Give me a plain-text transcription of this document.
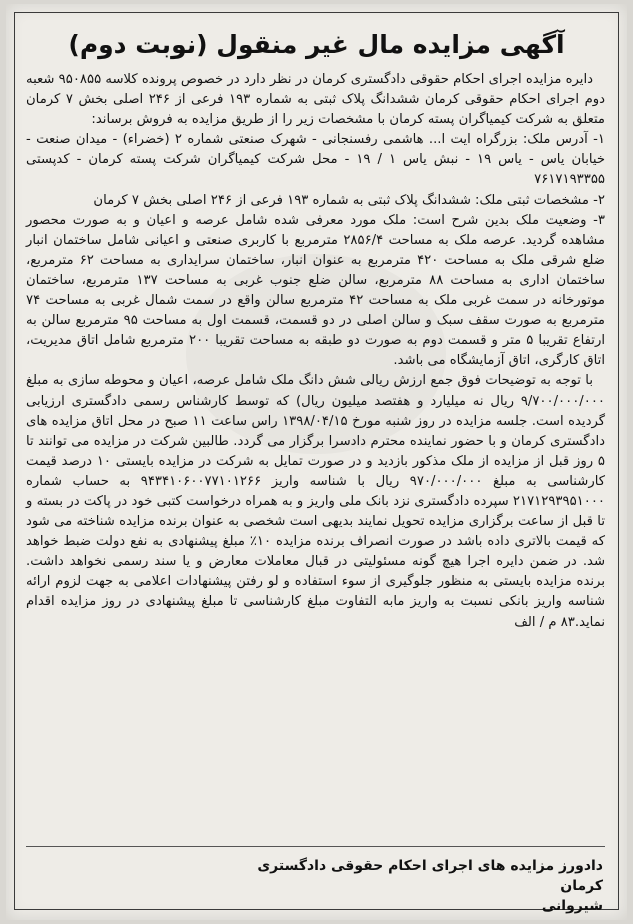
آگهی مزایده مال غیر منقول (نوبت دوم)

دایره مزایده اجرای احکام حقوقی دادگستری کرمان در نظر دارد در خصوص پرونده کلاسه ۹۵۰۸۵۵ شعبه دوم اجرای احکام حقوقی کرمان ششدانگ پلاک ثبتی به شماره ۱۹۳ فرعی از ۲۴۶ اصلی بخش ۷ کرمان متعلق به شرکت کیمیاگران پسته کرمان با مشخصات زیر را از طریق مزایده به فروش برساند:

۱- آدرس ملک: بزرگراه ایت ا... هاشمی رفسنجانی - شهرک صنعتی شماره ۲ (خضراء) - میدان صنعت - خیابان یاس - یاس ۱۹ - نبش یاس ۱ / ۱۹ - محل شرکت کیمیاگران شرکت پسته کرمان - کدپستی ۷۶۱۷۱۹۳۳۵۵

۲- مشخصات ثبتی ملک: ششدانگ پلاک ثبتی به شماره ۱۹۳ فرعی از ۲۴۶ اصلی بخش ۷ کرمان

۳- وضعیت ملک بدین شرح است: ملک مورد معرفی شده شامل عرصه و اعیان و به صورت محصور مشاهده گردید. عرصه ملک به مساحت ۲۸۵۶/۴ مترمربع با کاربری صنعتی و اعیانی شامل ساختمان انبار ضلع شرقی ملک به مساحت ۴۲۰ مترمربع به عنوان انبار، ساختمان سرایداری به مساحت ۶۲ مترمربع، ساختمان اداری به مساحت ۸۸ مترمربع، سالن ضلع جنوب غربی به مساحت ۱۳۷ مترمربع، ساختمان موتورخانه در سمت غربی ملک به مساحت ۴۲ مترمربع سالن واقع در سمت شمال غربی به مساحت ۷۴ مترمربع به صورت سقف سبک و سالن اصلی در دو قسمت، قسمت اول به مساحت ۹۵ مترمربع سالن به ارتفاع تقریبا ۵ متر و قسمت دوم به صورت دو طبقه به مساحت تقریبا ۲۰۰ مترمربع شامل اتاق مدیریت، اتاق کارگری، اتاق آزمایشگاه می باشد.

با توجه به توضیحات فوق جمع ارزش ریالی شش دانگ ملک شامل عرصه، اعیان و محوطه سازی به مبلغ ۹/۷۰۰/۰۰۰/۰۰۰ ریال نه میلیارد و هفتصد میلیون ریال) که توسط کارشناس رسمی دادگستری ارزیابی گردیده است. جلسه مزایده در روز شنبه مورخ ۱۳۹۸/۰۴/۱۵ راس ساعت ۱۱ صبح در محل اتاق مزایده های دادگستری کرمان و با حضور نماینده محترم دادسرا برگزار می گردد. طالبین شرکت در مزایده می توانند تا ۵ روز قبل از مزایده از ملک مذکور بازدید و در صورت تمایل به شرکت در مزایده بایستی ۱۰ درصد قیمت کارشناسی به مبلغ ۹۷۰/۰۰۰/۰۰۰ ریال با شناسه واریز ۹۴۳۴۱۰۶۰۰۷۷۱۰۱۲۶۶ به حساب شماره ۲۱۷۱۲۹۳۹۵۱۰۰۰ سپرده دادگستری نزد بانک ملی واریز و به همراه درخواست کتبی خود در پاکت در بسته و تا قبل از ساعت برگزاری مزایده تحویل نمایند بدیهی است شخصی به عنوان برنده مزایده شناخته می شود که قیمت بالاتری داده باشد در صورت انصراف برنده مزایده ۱۰٪ مبلغ پیشنهادی به نفع دولت ضبط خواهد شد. در ضمن دایره اجرا هیچ گونه مسئولیتی در قبال معاملات معارض و یا سند رسمی نخواهد داشت. برنده مزایده بایستی به منظور جلوگیری از سوء استفاده و لو رفتن پیشنهادات اعلامی به جهت لزوم ارائه شناسه واریز بانکی نسبت به واریز مابه التفاوت مبلغ کارشناسی تا مبلغ پیشنهادی در روز مزایده اقدام نماید.۸۳ م / الف

دادورز مزایده های اجرای احکام حقوقی دادگستری کرمان
شیروانی
